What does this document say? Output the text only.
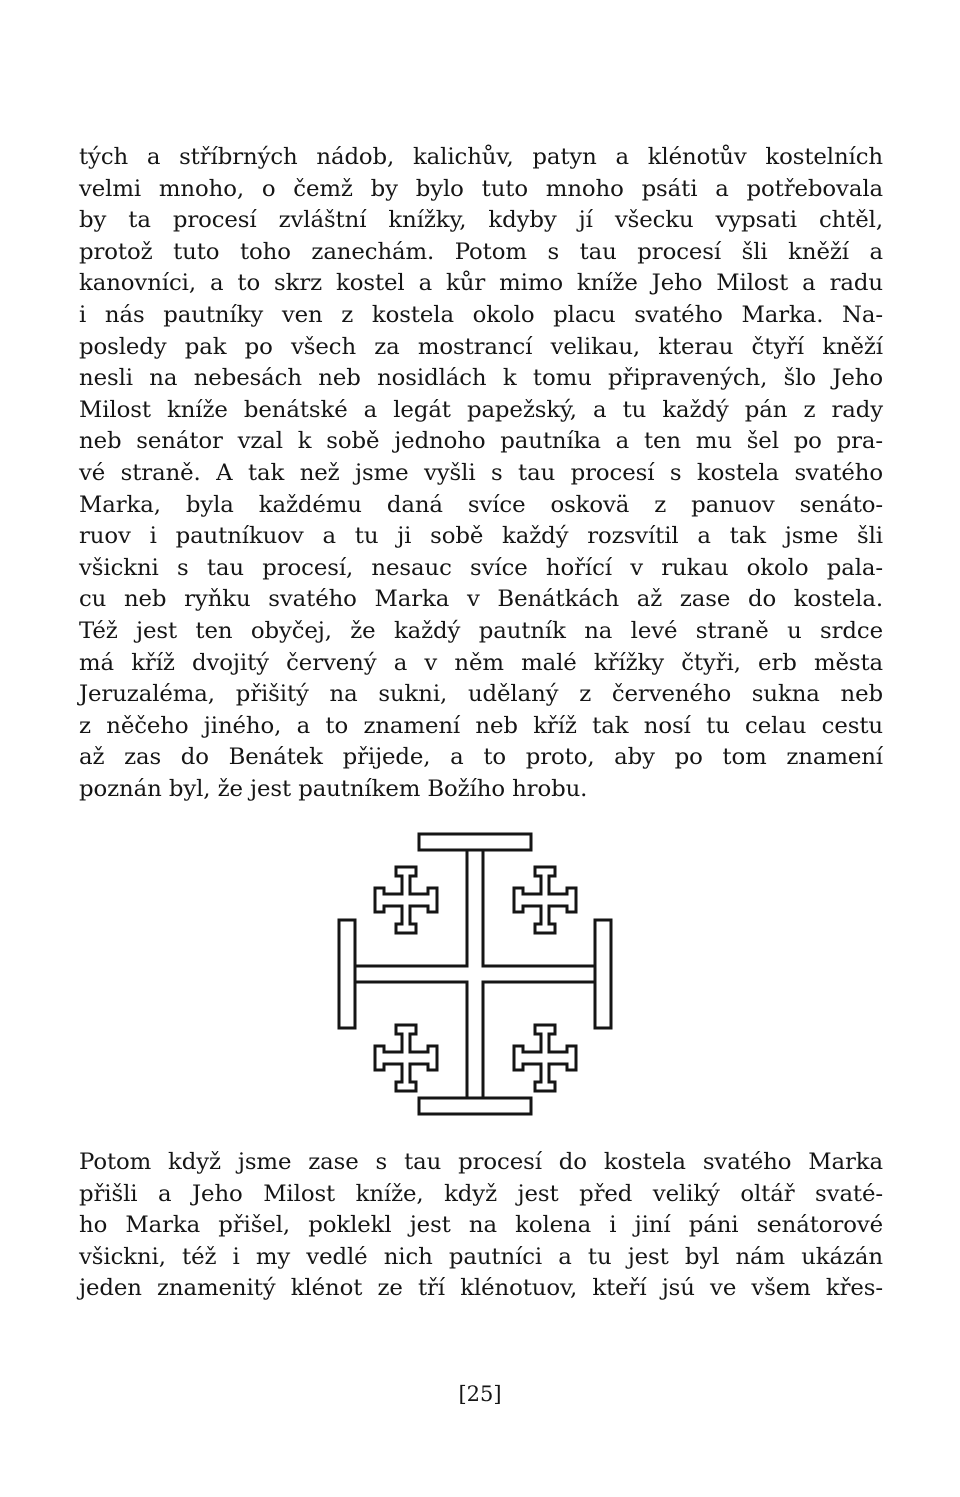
tých a stříbrných nádob, kalichův, patyn a klénotův kostelních
velmi mnoho, o čemž by bylo tuto mnoho psáti a potřebovala
by ta procesí zvláštní knížky, kdyby jí všecku vypsati chtěl,
protož tuto toho zanechám. Potom s tau procesí šli kněží a
kanovníci, a to skrz kostel a kůr mimo kníže Jeho Milost a radu
i nás pautníky ven z kostela okolo placu svatého Marka. Na-
posledy pak po všech za mostrancí velikau, kterau čtyří kněží
nesli na nebesách neb nosidlách k tomu připravených, šlo Jeho
Milost kníže benátské a legát papežský, a tu každý pán z rady
neb senátor vzal k sobě jednoho pautníka a ten mu šel po pra-
vé straně. A tak než jsme vyšli s tau procesí s kostela svatého
Marka, byla každému daná svíce oskovä z panuov senáto-
ruov i pautníkuov a tu ji sobě každý rozsvítil a tak jsme šli
všickni s tau procesí, nesauc svíce hořící v rukau okolo pala-
cu neb ryňku svatého Marka v Benátkách až zase do kostela.
Též jest ten obyčej, že každý pautník na levé straně u srdce
má kříž dvojitý červený a v něm malé křížky čtyři, erb města
Jeruzaléma, přišitý na sukni, udělaný z červeného sukna neb
z něčeho jiného, a to znamení neb kříž tak nosí tu celau cestu
až zas do Benátek přijede, a to proto, aby po tom znamení
poznán byl, že jest pautníkem Božího hrobu.
Potom když jsme zase s tau procesí do kostela svatého Marka
přišli a Jeho Milost kníže, když jest před veliký oltář svaté-
ho Marka přišel, poklekl jest na kolena i jiní páni senátorové
všickni, též i my vedlé nich pautníci a tu jest byl nám ukázán
jeden znamenitý klénot ze tří klénotuov, kteří jsú ve všem křes-
[25]
